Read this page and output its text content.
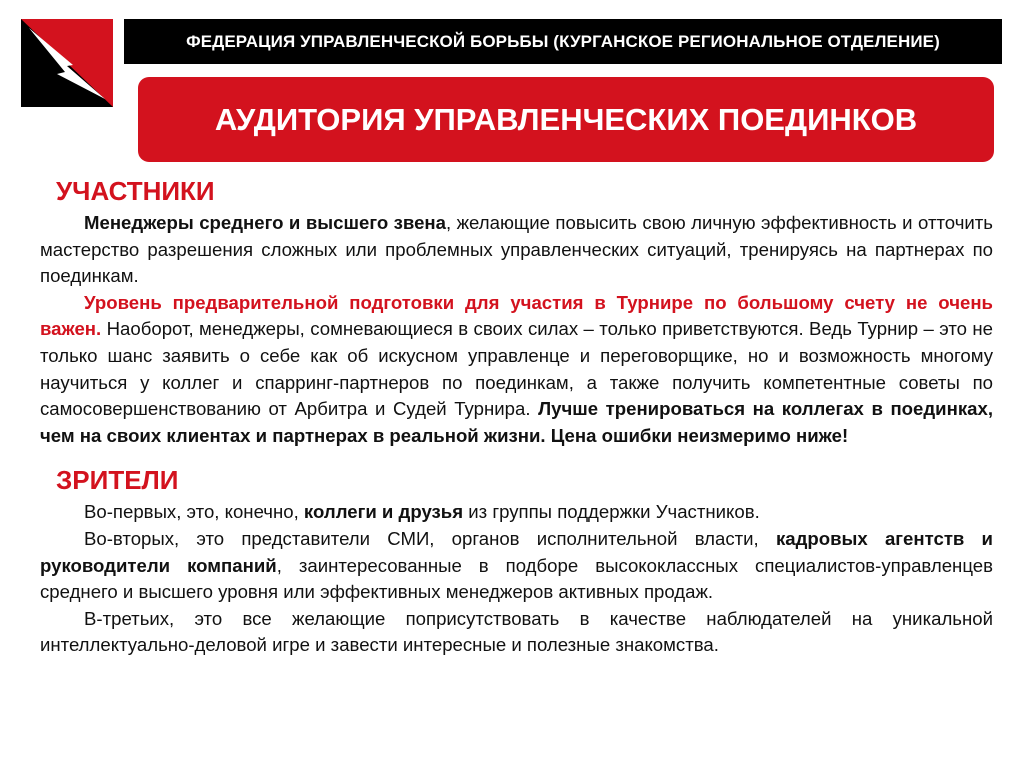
ФЕДЕРАЦИЯ УПРАВЛЕНЧЕСКОЙ БОРЬБЫ (КУРГАНСКОЕ РЕГИОНАЛЬНОЕ ОТДЕЛЕНИЕ)
АУДИТОРИЯ УПРАВЛЕНЧЕСКИХ ПОЕДИНКОВ
УЧАСТНИКИ

Менеджеры среднего и высшего звена, желающие повысить свою личную эффективность и отточить мастерство разрешения сложных или проблемных управленческих ситуаций, тренируясь на партнерах по поединкам.

Уровень предварительной подготовки для участия в Турнире по большому счету не очень важен. Наоборот, менеджеры, сомневающиеся в своих силах – только приветствуются. Ведь Турнир – это не только шанс заявить о себе как об искусном управленце и переговорщике, но и возможность многому научиться у коллег и спарринг-партнеров по поединкам, а также получить компетентные советы по самосовершенствованию от Арбитра и Судей Турнира. Лучше тренироваться на коллегах в поединках, чем на своих клиентах и партнерах в реальной жизни. Цена ошибки неизмеримо ниже!

ЗРИТЕЛИ

Во-первых, это, конечно, коллеги и друзья из группы поддержки Участников.

Во-вторых, это представители СМИ, органов исполнительной власти, кадровых агентств и руководители компаний, заинтересованные в подборе высококлассных специалистов-управленцев среднего и высшего уровня или эффективных менеджеров активных продаж.

В-третьих, это все желающие поприсутствовать в качестве наблюдателей на уникальной интеллектуально-деловой игре и завести интересные и полезные знакомства.
